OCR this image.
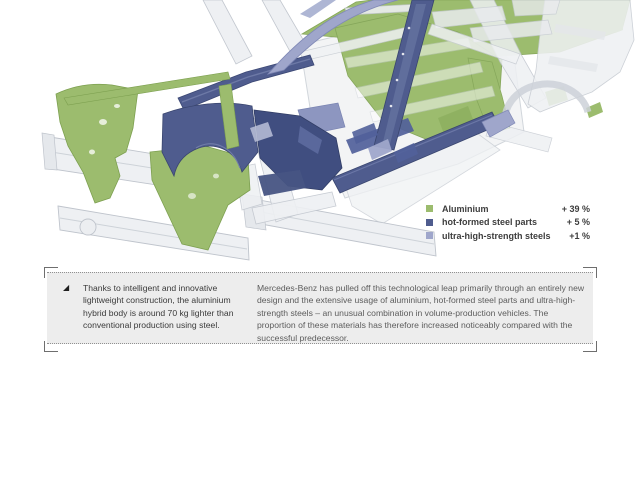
Aluminium	+ 39 %
hot-formed steel parts	+ 5 %
ultra-high-strength steels	+1 %
◢	Thanks to intelligent and innovative lightweight construction, the aluminium hybrid body is around 70 kg lighter than conventional production using steel.

Mercedes-Benz has pulled off this technological leap primarily through an entirely new design and the extensive usage of aluminium, hot-formed steel parts and ultra-high-strength steels – an unusual combination in volume-production vehicles. The proportion of these materials has therefore increased noticeably compared with the successful predecessor.
